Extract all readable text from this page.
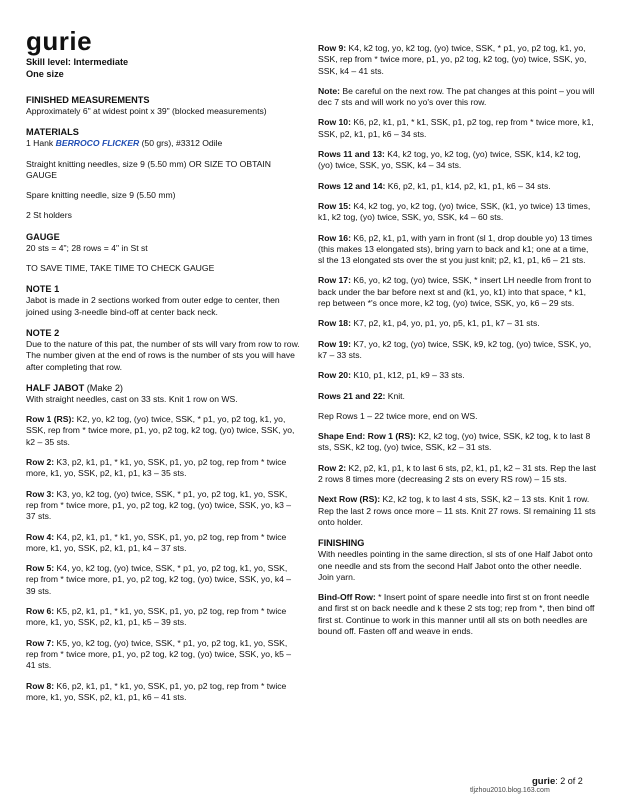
gurie
Skill level: Intermediate
One size
FINISHED MEASUREMENTS

Approximately 6" at widest point x 39" (blocked measurements)

MATERIALS

1 Hank BERROCO FLICKER (50 grs), #3312 Odile

Straight knitting needles, size 9 (5.50 mm) OR SIZE TO OBTAIN GAUGE

Spare knitting needle, size 9 (5.50 mm)

2 St holders

GAUGE

20 sts = 4"; 28 rows = 4" in St st

TO SAVE TIME, TAKE TIME TO CHECK GAUGE

NOTE 1

Jabot is made in 2 sections worked from outer edge to center, then joined using 3-needle bind-off at center back neck.

NOTE 2

Due to the nature of this pat, the number of sts will vary from row to row. The number given at the end of rows is the number of sts you will have after completing that row.

HALF JABOT (Make 2)

With straight needles, cast on 33 sts. Knit 1 row on WS.

Row 1 (RS): K2, yo, k2 tog, (yo) twice, SSK, * p1, yo, p2 tog, k1, yo, SSK, rep from * twice more, p1, yo, p2 tog, k2 tog, (yo) twice, SSK, yo, k2 – 35 sts.

Row 2: K3, p2, k1, p1, * k1, yo, SSK, p1, yo, p2 tog, rep from * twice more, k1, yo, SSK, p2, k1, p1, k3 – 35 sts.

Row 3: K3, yo, k2 tog, (yo) twice, SSK, * p1, yo, p2 tog, k1, yo, SSK, rep from * twice more, p1, yo, p2 tog, k2 tog, (yo) twice, SSK, yo, k3 – 37 sts.

Row 4: K4, p2, k1, p1, * k1, yo, SSK, p1, yo, p2 tog, rep from * twice more, k1, yo, SSK, p2, k1, p1, k4 – 37 sts.

Row 5: K4, yo, k2 tog, (yo) twice, SSK, * p1, yo, p2 tog, k1, yo, SSK, rep from * twice more, p1, yo, p2 tog, k2 tog, (yo) twice, SSK, yo, k4 – 39 sts.

Row 6: K5, p2, k1, p1, * k1, yo, SSK, p1, yo, p2 tog, rep from * twice more, k1, yo, SSK, p2, k1, p1, k5 – 39 sts.

Row 7: K5, yo, k2 tog, (yo) twice, SSK, * p1, yo, p2 tog, k1, yo, SSK, rep from * twice more, p1, yo, p2 tog, k2 tog, (yo) twice, SSK, yo, k5 – 41 sts.

Row 8: K6, p2, k1, p1, * k1, yo, SSK, p1, yo, p2 tog, rep from * twice more, k1, yo, SSK, p2, k1, p1, k6 – 41 sts.

Row 9: K4, k2 tog, yo, k2 tog, (yo) twice, SSK, * p1, yo, p2 tog, k1, yo, SSK, rep from * twice more, p1, yo, p2 tog, k2 tog, (yo) twice, SSK, yo, SSK, k4 – 41 sts.

Note: Be careful on the next row. The pat changes at this point – you will dec 7 sts and will work no yo's over this row.

Row 10: K6, p2, k1, p1, * k1, SSK, p1, p2 tog, rep from * twice more, k1, SSK, p2, k1, p1, k6 – 34 sts.

Rows 11 and 13: K4, k2 tog, yo, k2 tog, (yo) twice, SSK, k14, k2 tog, (yo) twice, SSK, yo, SSK, k4 – 34 sts.

Rows 12 and 14: K6, p2, k1, p1, k14, p2, k1, p1, k6 – 34 sts.

Row 15: K4, k2 tog, yo, k2 tog, (yo) twice, SSK, (k1, yo twice) 13 times, k1, k2 tog, (yo) twice, SSK, yo, SSK, k4 – 60 sts.

Row 16: K6, p2, k1, p1, with yarn in front (sl 1, drop double yo) 13 times (this makes 13 elongated sts), bring yarn to back and k1; one at a time, sl the 13 elongated sts over the st you just knit; p2, k1, p1, k6 – 21 sts.

Row 17: K6, yo, k2 tog, (yo) twice, SSK, * insert LH needle from front to back under the bar before next st and (k1, yo, k1) into that space, * k1, rep between *'s once more, k2 tog, (yo) twice, SSK, yo, k6 – 29 sts.

Row 18: K7, p2, k1, p4, yo, p1, yo, p5, k1, p1, k7 – 31 sts.

Row 19: K7, yo, k2 tog, (yo) twice, SSK, k9, k2 tog, (yo) twice, SSK, yo, k7 – 33 sts.

Row 20: K10, p1, k12, p1, k9 – 33 sts.

Rows 21 and 22: Knit.

Rep Rows 1 – 22 twice more, end on WS.

Shape End: Row 1 (RS): K2, k2 tog, (yo) twice, SSK, k2 tog, k to last 8 sts, SSK, k2 tog, (yo) twice, SSK, k2 – 31 sts.

Row 2: K2, p2, k1, p1, k to last 6 sts, p2, k1, p1, k2 – 31 sts. Rep the last 2 rows 8 times more (decreasing 2 sts on every RS row) – 15 sts.

Next Row (RS): K2, k2 tog, k to last 4 sts, SSK, k2 – 13 sts. Knit 1 row. Rep the last 2 rows once more – 11 sts. Knit 27 rows. Sl remaining 11 sts onto holder.

FINISHING

With needles pointing in the same direction, sl sts of one Half Jabot onto one needle and sts from the second Half Jabot onto the other needle. Join yarn.

Bind-Off Row: * Insert point of spare needle into first st on front needle and first st on back needle and k these 2 sts tog; rep from *, then bind off first st. Continue to work in this manner until all sts on both needles are bound off. Fasten off and weave in ends.

gurie: 2 of 2
tljzhou2010.blog.163.com
